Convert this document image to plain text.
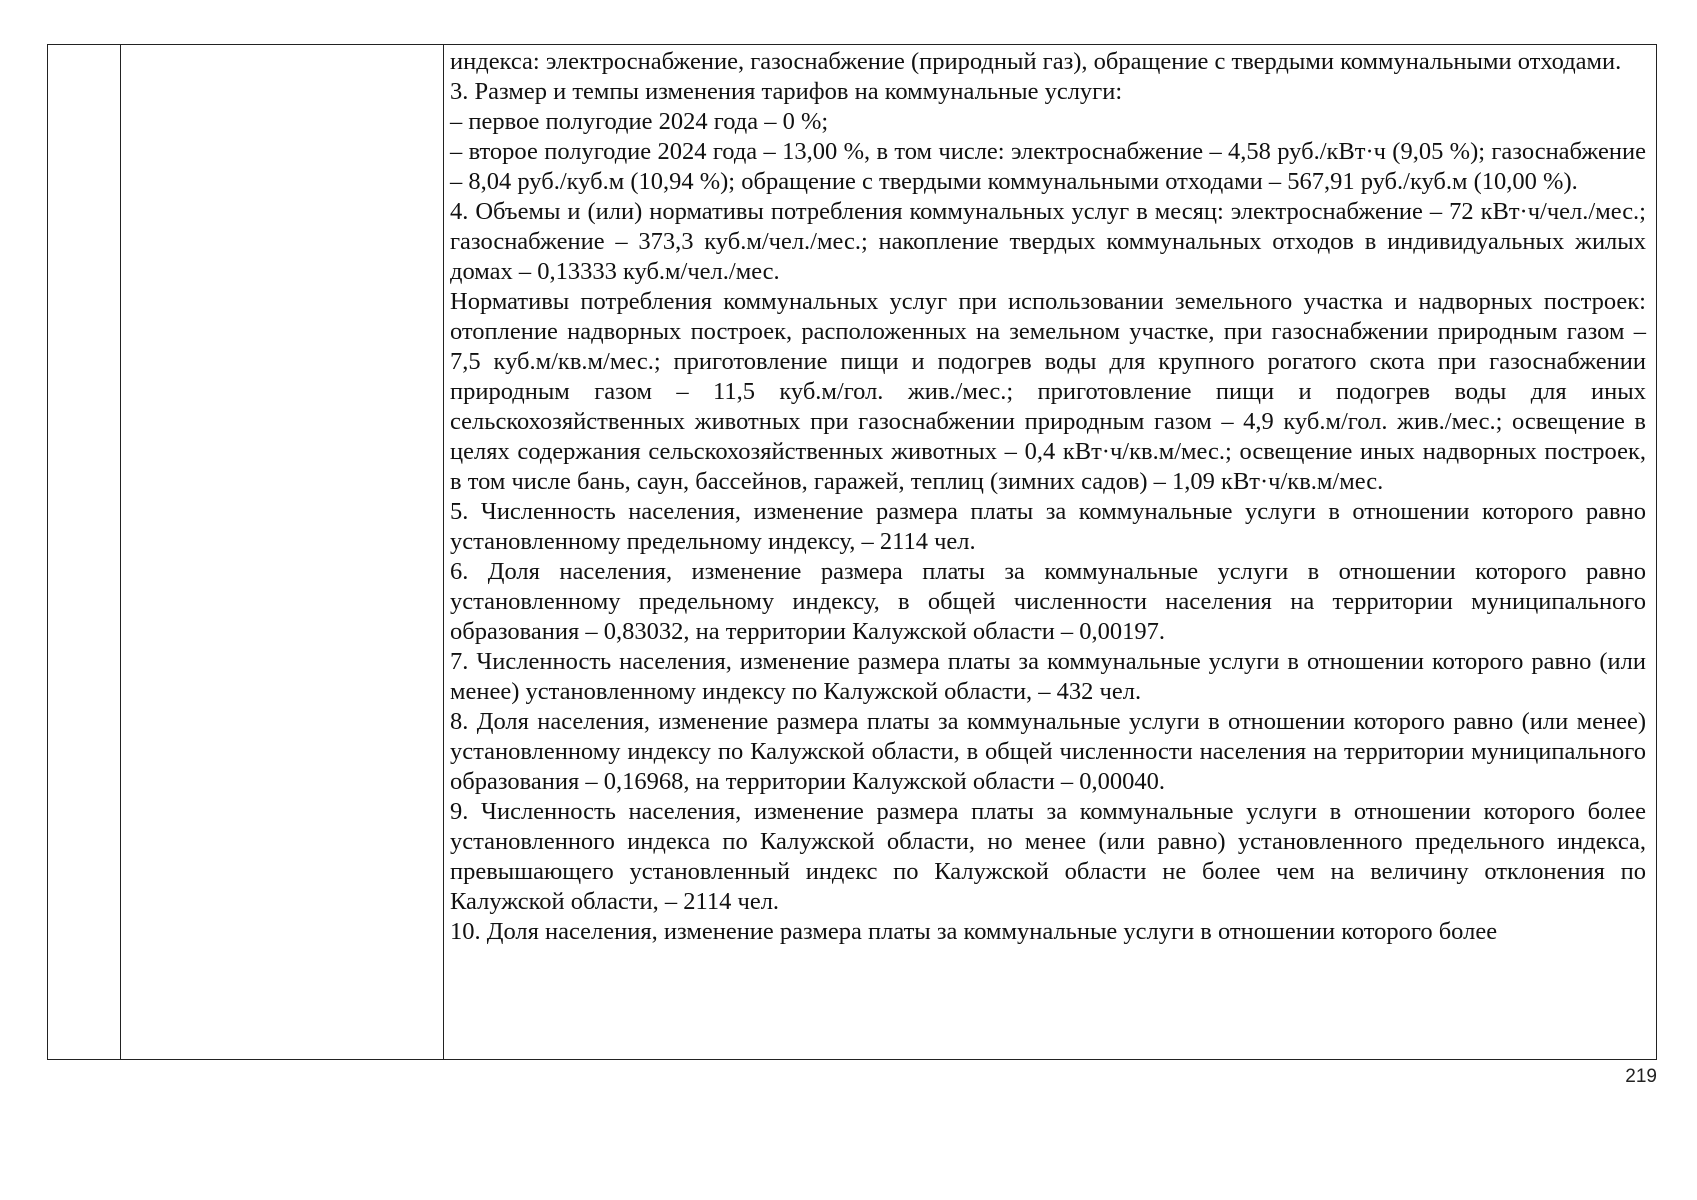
индекса: электроснабжение, газоснабжение (природный газ), обращение с твердыми коммунальными отходами.

3. Размер и темпы изменения тарифов на коммунальные услуги:

– первое полугодие 2024 года – 0 %;

– второе полугодие 2024 года – 13,00 %, в том числе: электроснабжение – 4,58 руб./кВт·ч (9,05 %); газоснабжение – 8,04 руб./куб.м (10,94 %); обращение с твердыми коммунальными отходами – 567,91 руб./куб.м (10,00 %).

4. Объемы и (или) нормативы потребления коммунальных услуг в месяц: электроснабжение – 72 кВт·ч/чел./мес.; газоснабжение – 373,3 куб.м/чел./мес.; накопление твердых коммунальных отходов в индивидуальных жилых домах – 0,13333 куб.м/чел./мес.

Нормативы потребления коммунальных услуг при использовании земельного участка и надворных построек: отопление надворных построек, расположенных на земельном участке, при газоснабжении природным газом – 7,5 куб.м/кв.м/мес.; приготовление пищи и подогрев воды для крупного рогатого скота при газоснабжении природным газом – 11,5 куб.м/гол. жив./мес.; приготовление пищи и подогрев воды для иных сельскохозяйственных животных при газоснабжении природным газом – 4,9 куб.м/гол. жив./мес.; освещение в целях содержания сельскохозяйственных животных – 0,4 кВт·ч/кв.м/мес.; освещение иных надворных построек, в том числе бань, саун, бассейнов, гаражей, теплиц (зимних садов) – 1,09 кВт·ч/кв.м/мес.

5. Численность населения, изменение размера платы за коммунальные услуги в отношении которого равно установленному предельному индексу, – 2114 чел.

6. Доля населения, изменение размера платы за коммунальные услуги в отношении которого равно установленному предельному индексу, в общей численности населения на территории муниципального образования – 0,83032, на территории Калужской области – 0,00197.

7. Численность населения, изменение размера платы за коммунальные услуги в отношении которого равно (или менее) установленному индексу по Калужской области, – 432 чел.

8. Доля населения, изменение размера платы за коммунальные услуги в отношении которого равно (или менее) установленному индексу по Калужской области, в общей численности населения на территории муниципального образования – 0,16968, на территории Калужской области – 0,00040.

9. Численность населения, изменение размера платы за коммунальные услуги в отношении которого более установленного индекса по Калужской области, но менее (или равно) установленного предельного индекса, превышающего установленный индекс по Калужской области не более чем на величину отклонения по Калужской области, – 2114 чел.

10. Доля населения, изменение размера платы за коммунальные услуги в отношении которого более

219
